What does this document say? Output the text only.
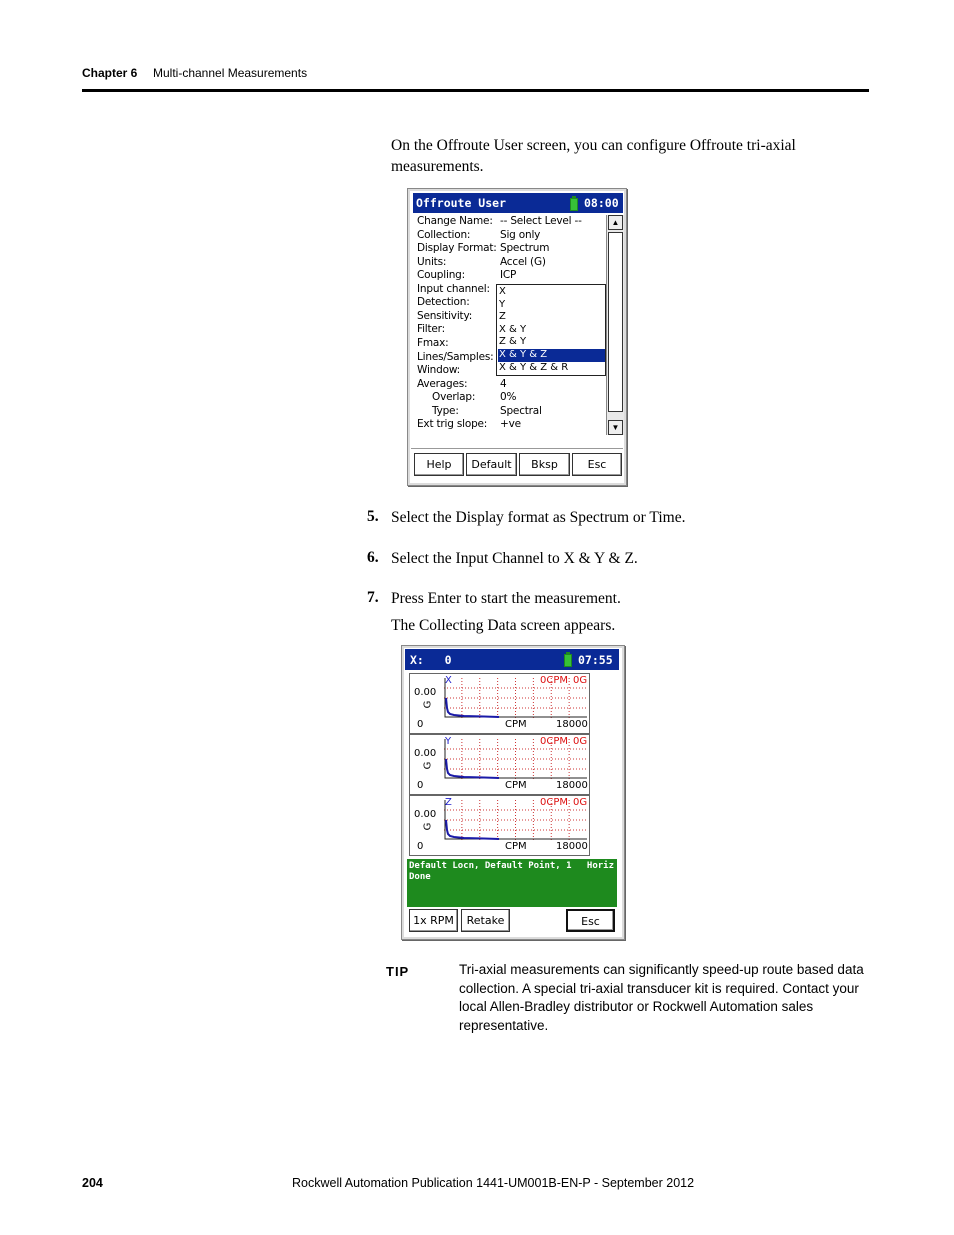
Chapter 6 Multi-channel Measurements
On the Offroute User screen, you can configure Offroute tri-axial measurements.
Offroute User	08:00
Change Name: -- Select Level --
Collection:	Sig only
Display Format: Spectrum
Units:	Accel (G)
Coupling:	ICP
Input channel:
Detection:
Sensitivity:
Filter:
Fmax:
Lines/Samples:
Window:
Averages:	4
Overlap: 0%
Type:	Spectral
Ext trig slope: +ve
X
Y
Z
X & Y
Z & Y
X & Y & Z
X & Y & Z & R
▲
▼
Help	Default	Bksp	Esc
5. Select the Display format as Spectrum or Time.
6. Select the Input Channel to X & Y & Z.
7. Press Enter to start the measurement.
The Collecting Data screen appears.
X:   0	07:55
X	0CPM 0G
0.00
G
0	CPM	18000
Y	0CPM 0G
0.00
G
0	CPM	18000
Z	0CPM 0G
0.00
G
0	CPM	18000
Default Locn, Default Point, 1 Horiz
Done
1x RPM	Retake	Esc
TIP	Tri-axial measurements can significantly speed-up route based data collection. A special tri-axial transducer kit is required. Contact your local Allen-Bradley distributor or Rockwell Automation sales representative.
204	Rockwell Automation Publication 1441-UM001B-EN-P - September 2012
